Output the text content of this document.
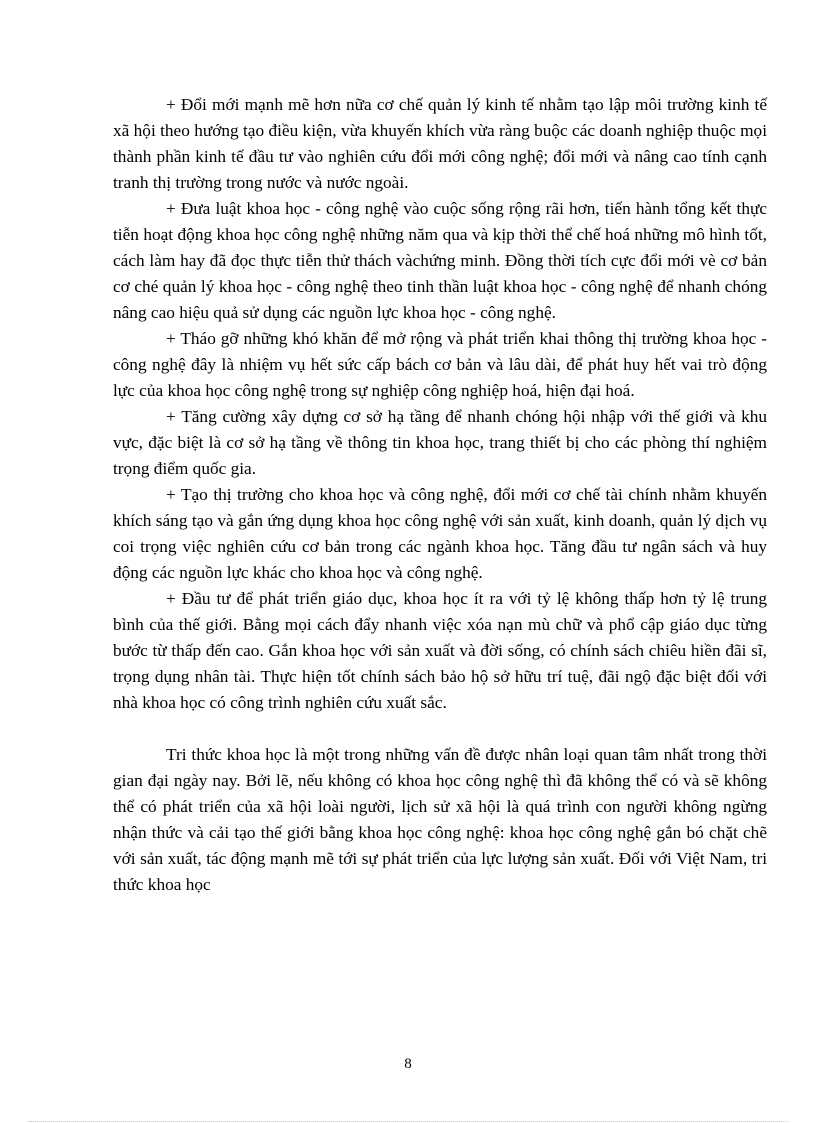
+ Đổi mới mạnh mẽ hơn nữa cơ chế quản lý kinh tế nhằm tạo lập môi trường kinh tế xã hội theo hướng tạo điều kiện, vừa khuyến khích vừa ràng buộc các doanh nghiệp thuộc mọi thành phần kinh tế đầu tư vào nghiên cứu đổi mới công nghệ; đổi mới và nâng cao tính cạnh tranh thị trường trong nước và nước ngoài.

+ Đưa luật khoa học - công nghệ vào cuộc sống rộng rãi hơn, tiến hành tổng kết thực tiễn hoạt động khoa học công nghệ những năm qua và kịp thời thể chế hoá những mô hình tốt, cách làm hay đã đọc thực tiễn thử thách vàchứng minh. Đồng thời tích cực đổi mới vè cơ bản cơ ché quản lý khoa học - công nghệ theo tinh thần luật khoa học - công nghệ để nhanh chóng nâng cao hiệu quả sử dụng các nguồn lực khoa học - công nghệ.

+ Tháo gỡ những khó khăn để mở rộng và phát triển khai thông thị trường khoa học - công nghệ đây là nhiệm vụ hết sức cấp bách cơ bản và lâu dài, để phát huy hết vai trò động lực của khoa học công nghệ trong sự nghiệp công nghiệp hoá, hiện đại hoá.

+ Tăng cường xây dựng cơ sở hạ tầng để nhanh chóng hội nhập với thế giới và khu vực, đặc biệt là cơ sở hạ tầng về thông tin khoa học, trang thiết bị cho các phòng thí nghiệm trọng điểm quốc gia.

+ Tạo thị trường cho khoa học và công nghệ, đổi mới cơ chế tài chính nhằm khuyến khích sáng tạo và gắn ứng dụng khoa học công nghệ với sản xuất, kinh doanh, quản lý dịch vụ coi trọng việc nghiên cứu cơ bản trong các ngành khoa học. Tăng đầu tư ngân sách và huy động các nguồn lực khác cho khoa học và công nghệ.

+ Đầu tư để phát triển giáo dục, khoa học ít ra với tỷ lệ không thấp hơn tỷ lệ trung bình của thế giới. Bằng mọi cách đẩy nhanh việc xóa nạn mù chữ và phổ cập giáo dục từng bước từ thấp đến cao. Gắn khoa học với sản xuất và đời sống, có chính sách chiêu hiền đãi sĩ, trọng dụng nhân tài. Thực hiện tốt chính sách bảo hộ sở hữu trí tuệ, đãi ngộ đặc biệt đối với nhà khoa học có công trình nghiên cứu xuất sắc.

Tri thức khoa học là một trong những vấn đề được nhân loại quan tâm nhất trong thời gian đại ngày nay. Bởi lẽ, nếu không có khoa học công nghệ thì đã không thể có và sẽ không thể có phát triển của xã hội loài người, lịch sử xã hội là quá trình con người không ngừng nhận thức và cải tạo thế giới bằng khoa học công nghệ: khoa học công nghệ gắn bó chặt chẽ với sản xuất, tác động mạnh mẽ tới sự phát triển của lực lượng sản xuất. Đối với Việt Nam, tri thức khoa học

8
